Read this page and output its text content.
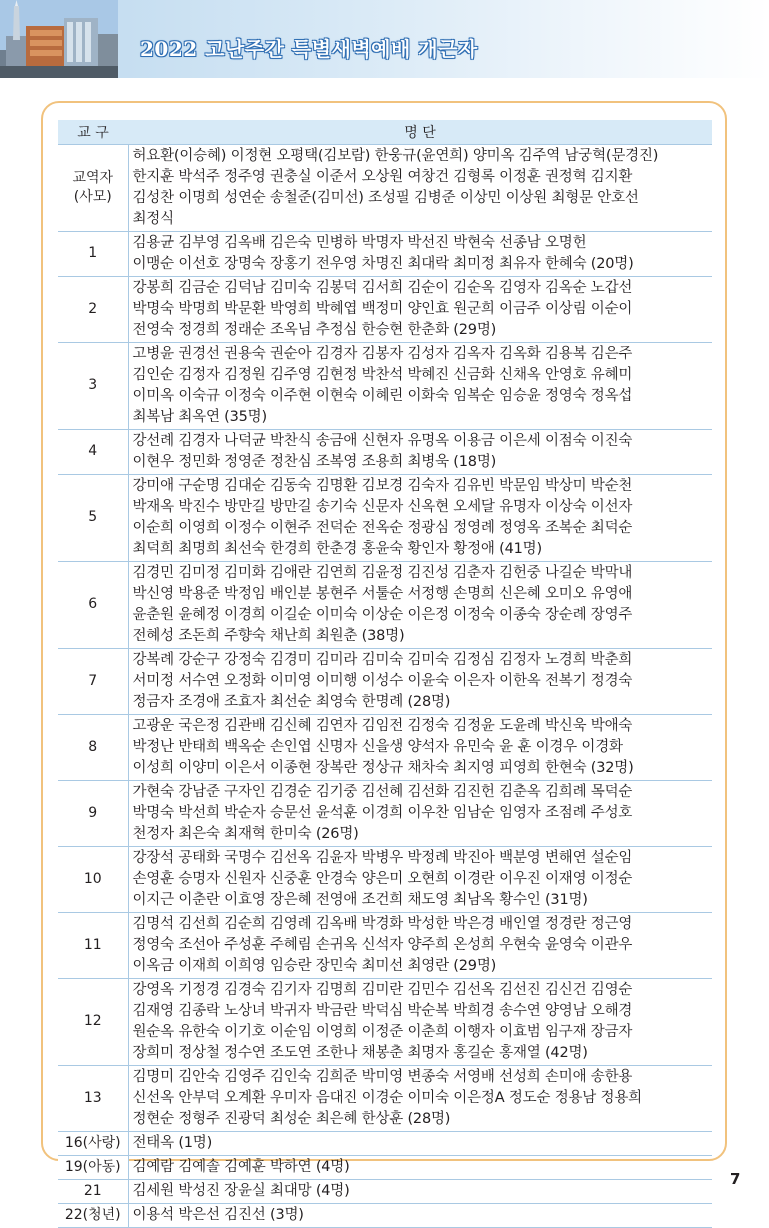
2022 고난주간 특별새벽예배 개근자
교 구	명 단

교역자
(사모)	허요환(이승혜) 이정현 오평택(김보람) 한웅규(윤연희) 양미옥 김주역 남궁혁(문경진)
한지훈 박석주 정주영 권충실 이준서 오상원 여창건 김형록 이정훈 권정혁 김지환
김성찬 이명희 성연순 송철준(김미선) 조성필 김병준 이상민 이상원 최형문 안호선
최정식

1	김용균 김부영 김옥배 김은숙 민병하 박명자 박선진 박현숙 선종남 오명헌
이맹순 이선호 장명숙 장홍기 전우영 차명진 최대락 최미정 최유자 한혜숙 (20명)

2	강봉희 김금순 김덕남 김미숙 김봉덕 김서희 김순이 김순옥 김영자 김옥순 노갑선
박명숙 박명희 박문환 박영희 박혜엽 백정미 양인효 원군희 이금주 이상림 이순이
전영숙 정경희 정래순 조옥님 추정심 한승현 한춘화 (29명)

3	고병윤 권경선 권용숙 권순아 김경자 김봉자 김성자 김옥자 김옥화 김용복 김은주
김인순 김정자 김정원 김주영 김현정 박찬석 박혜진 신금화 신채옥 안영호 유혜미
이미옥 이숙규 이정숙 이주현 이현숙 이혜린 이화숙 임복순 임승윤 정영숙 정옥섭
최복남 최옥연 (35명)

4	강선례 김경자 나덕균 박찬식 송금애 신현자 유명옥 이용금 이은세 이점숙 이진숙
이현우 정민화 정영준 정찬심 조복영 조용희 최병욱 (18명)

5	강미애 구순명 김대순 김동숙 김명환 김보경 김숙자 김유빈 박문임 박상미 박순천
박재옥 박진수 방만길 방만길 송기숙 신문자 신옥현 오세달 유명자 이상숙 이선자
이순희 이영희 이정수 이현주 전덕순 전옥순 정광심 정영례 정영옥 조복순 최덕순
최덕희 최명희 최선숙 한경희 한춘경 홍윤숙 황인자 황정애 (41명)

6	김경민 김미정 김미화 김애란 김연희 김윤정 김진성 김춘자 김헌중 나길순 박막내
박신영 박용준 박정임 배인분 봉현주 서툴순 서정행 손명희 신은혜 오미오 유영애
윤춘원 윤혜정 이경희 이길순 이미숙 이상순 이은정 이정숙 이종숙 장순례 장영주
전혜성 조돈희 주향숙 채난희 최원춘 (38명)

7	강복례 강순구 강정숙 김경미 김미라 김미숙 김미숙 김정심 김정자 노경희 박춘희
서미정 서수연 오정화 이미영 이미행 이성수 이윤숙 이은자 이한옥 전복기 정경숙
정금자 조경애 조효자 최선순 최영숙 한명례 (28명)

8	고광운 국은정 김관배 김신혜 김연자 김임전 김정숙 김정윤 도윤례 박신욱 박애숙
박정난 반태희 백옥순 손인엽 신명자 신을생 양석자 유민숙 윤 훈 이경우 이경화
이성희 이양미 이은서 이종현 장복란 정상규 채차숙 최지영 피영희 한현숙 (32명)

9	가현숙 강남준 구자인 김경순 김기중 김선혜 김선화 김진헌 김춘옥 김희례 목덕순
박명숙 박선희 박순자 승문선 윤석훈 이경희 이우찬 임남순 임영자 조점례 주성호
천정자 최은숙 최재혁 한미숙 (26명)

10	강장석 공태화 국명수 김선옥 김윤자 박병우 박정례 박진아 백분영 변해연 설순임
손영훈 승명자 신원자 신중훈 안경숙 양은미 오현희 이경란 이우진 이재영 이정순
이지근 이춘란 이효영 장은혜 전영애 조건희 채도영 최남옥 황수인 (31명)

11	김명석 김선희 김순희 김영례 김옥배 박경화 박성한 박은경 배인열 정경란 정근영
정영숙 조선아 주성훈 주혜림 손귀옥 신석자 양주희 온성희 우현숙 윤영숙 이관우
이옥금 이재희 이희영 임승란 장민숙 최미선 최영란 (29명)

12	강영옥 기정경 김경숙 김기자 김명희 김미란 김민수 김선옥 김선진 김신건 김영순
김재영 김종락 노상녀 박귀자 박금란 박덕심 박순복 박희경 송수연 양영남 오해경
원순옥 유한숙 이기호 이순임 이영희 이정준 이춘희 이행자 이효범 임구재 장금자
장희미 정상철 정수연 조도연 조한나 채봉춘 최명자 홍길순 홍재열 (42명)

13	김명미 김안숙 김영주 김인숙 김희준 박미영 변종숙 서영배 선성희 손미애 송한용
신선옥 안부덕 오계환 우미자 음대진 이경순 이미숙 이은정A 정도순 정용남 정용희
정현순 정형주 진광덕 최성순 최은혜 한상훈 (28명)

16(사랑)	전태옥 (1명)

19(아동)	김예람 김예솔 김예훈 박하연 (4명)

21	김세원 박성진 장윤실 최대망 (4명)

22(청년)	이용석 박은선 김진선 (3명)
7
